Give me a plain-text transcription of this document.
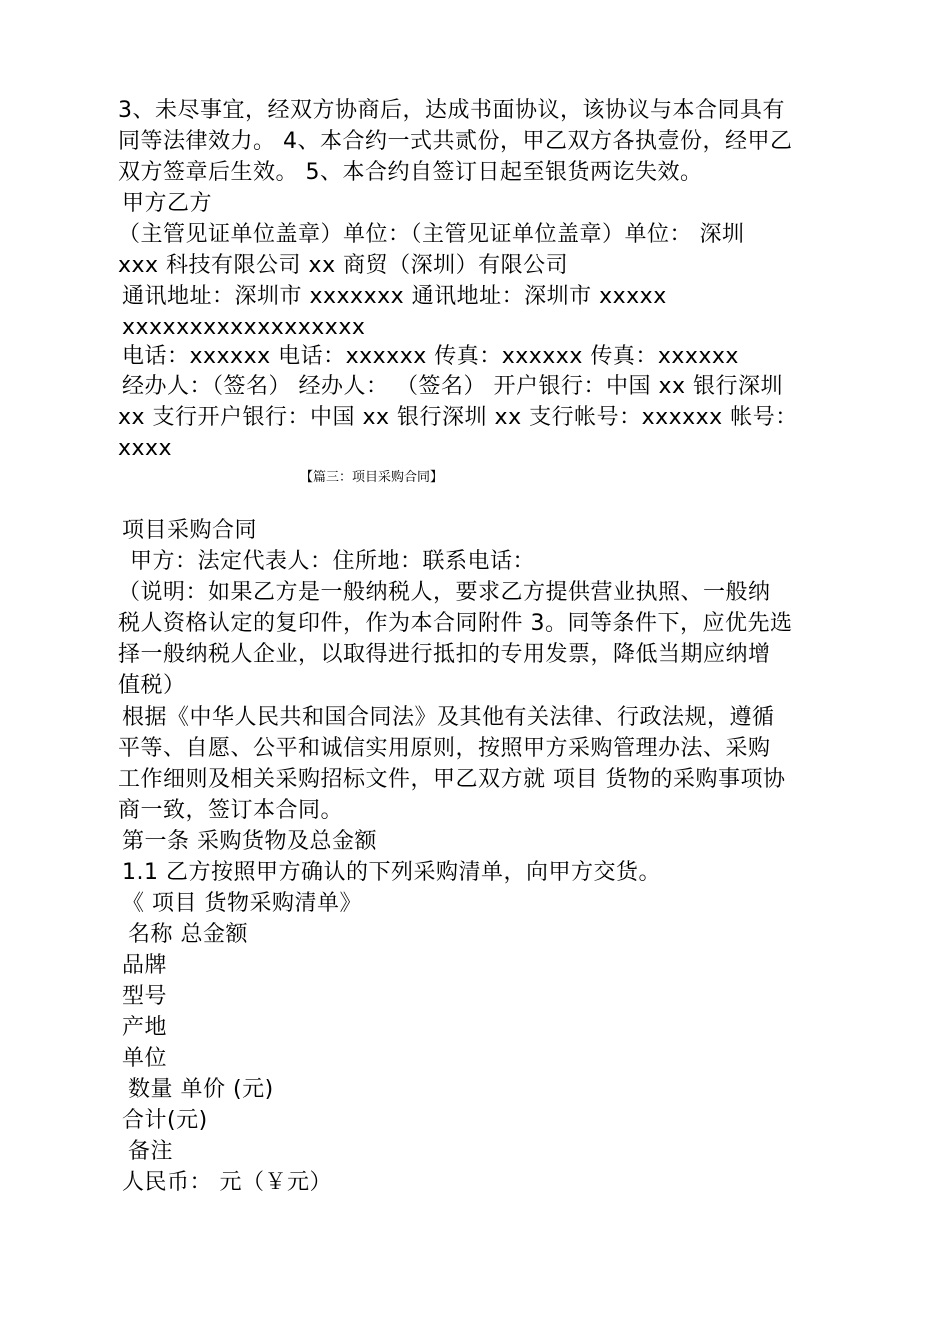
3、未尽事宜，经双方协商后，达成书面协议，该协议与本合同具有
同等法律效力。 4、本合约一式共贰份，甲乙双方各执壹份，经甲乙
双方签章后生效。 5、本合约自签订日起至银货两讫失效。
甲方乙方
（主管见证单位盖章）单位：（主管见证单位盖章）单位： 深圳
xxx 科技有限公司 xx 商贸（深圳）有限公司
通讯地址：深圳市 xxxxxxx 通讯地址：深圳市 xxxxx
xxxxxxxxxxxxxxxxxx
电话：xxxxxx 电话：xxxxxx 传真：xxxxxx 传真：xxxxxx
经办人：（签名） 经办人： （签名） 开户银行：中国 xx 银行深圳
xx 支行开户银行：中国 xx 银行深圳 xx 支行帐号：xxxxxx 帐号：
xxxx
【篇三：项目采购合同】
项目采购合同
甲方：法定代表人：住所地：联系电话：
（说明：如果乙方是一般纳税人，要求乙方提供营业执照、一般纳
税人资格认定的复印件，作为本合同附件 3。同等条件下，应优先选
择一般纳税人企业，以取得进行抵扣的专用发票，降低当期应纳增
值税）
根据《中华人民共和国合同法》及其他有关法律、行政法规，遵循
平等、自愿、公平和诚信实用原则，按照甲方采购管理办法、采购
工作细则及相关采购招标文件，甲乙双方就 项目 货物的采购事项协
商一致，签订本合同。
第一条 采购货物及总金额
1.1 乙方按照甲方确认的下列采购清单，向甲方交货。
《 项目 货物采购清单》
名称 总金额
品牌
型号
产地
单位
数量 单价 (元)
合计(元)
备注
人民币： 元（￥元）
